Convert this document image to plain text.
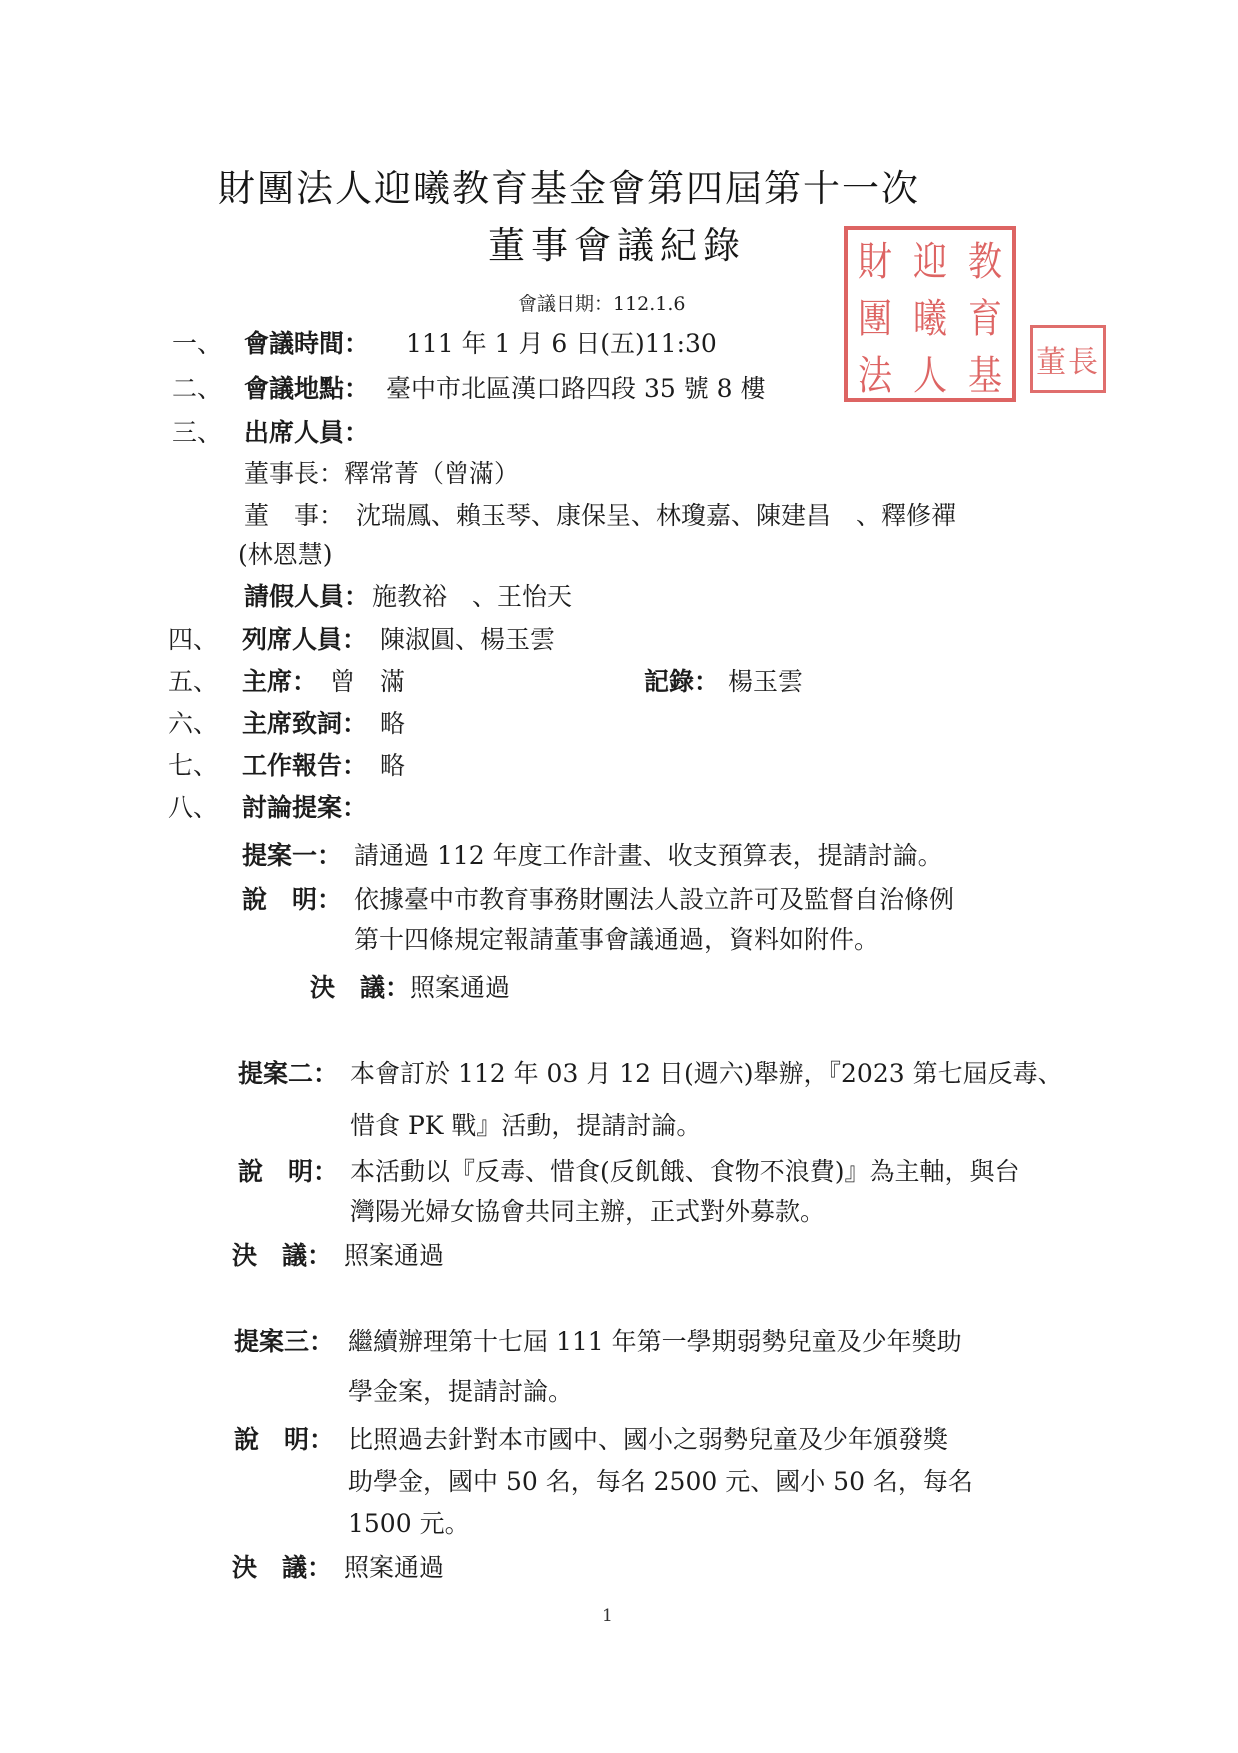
財團法人迎曦教育基金會第四屆第十一次
董事會議紀錄
會議日期：112.1.6
財 迎 教
團 曦 育
法 人 基 董長
一、 會議時間： 111 年 1 月 6 日(五)11:30
二、 會議地點： 臺中市北區漢口路四段 35 號 8 樓
三、 出席人員：
董事長： 釋常菁（曾滿）
董　事： 沈瑞鳳、賴玉琴、康保呈、林瓊嘉、陳建昌　、釋修禪
(林恩慧)
請假人員： 施教裕　、王怡天
四、 列席人員： 陳淑圓、楊玉雲
五、 主席： 曾　滿	記錄： 楊玉雲
六、 主席致詞： 略
七、 工作報告： 略
八、 討論提案：
提案一： 請通過 112 年度工作計畫、收支預算表，提請討論。
說　明： 依據臺中市教育事務財團法人設立許可及監督自治條例
第十四條規定報請董事會議通過，資料如附件。
決　議： 照案通過
提案二： 本會訂於 112 年 03 月 12 日(週六)舉辦，『2023 第七屆反毒、
惜食 PK 戰』活動，提請討論。
說　明： 本活動以『反毒、惜食(反飢餓、食物不浪費)』為主軸，與台
灣陽光婦女協會共同主辦，正式對外募款。
決　議： 照案通過
提案三： 繼續辦理第十七屆 111 年第一學期弱勢兒童及少年獎助
學金案，提請討論。
說　明： 比照過去針對本市國中、國小之弱勢兒童及少年頒發獎
助學金，國中 50 名，每名 2500 元、國小 50 名，每名
1500 元。
決　議： 照案通過
1
